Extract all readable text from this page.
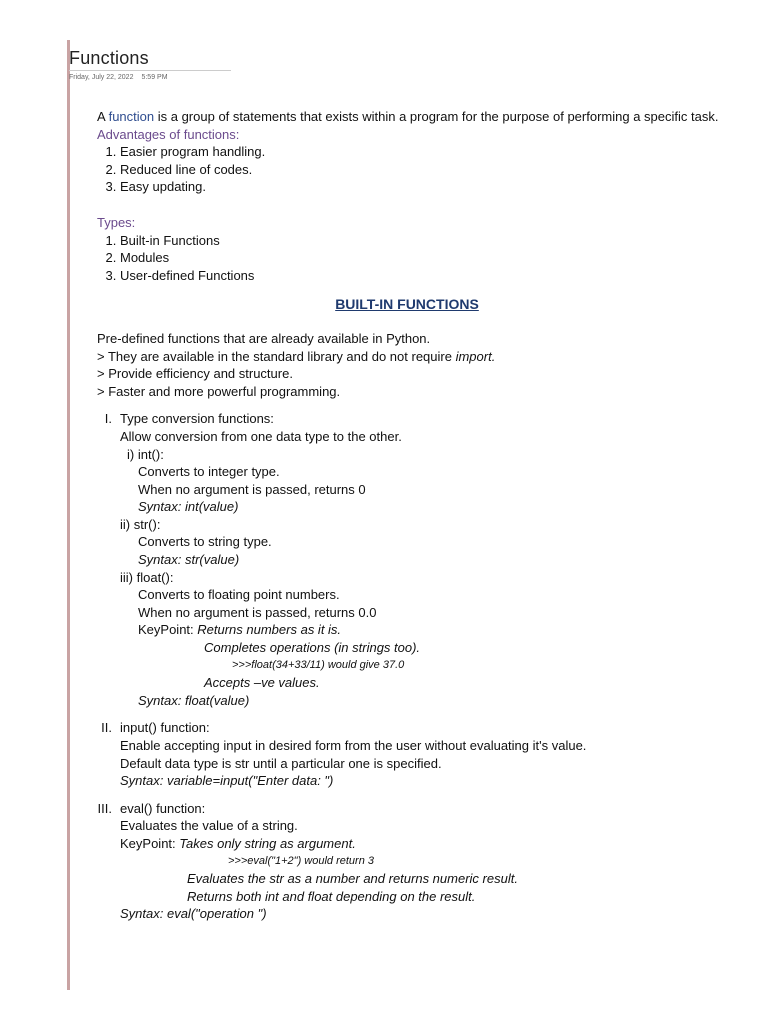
Functions
Friday, July 22, 2022 5:59 PM

A function is a group of statements that exists within a program for the purpose of performing a specific task.

Advantages of functions:

1. Easier program handling.
2. Reduced line of codes.
3. Easy updating.

Types:

1. Built-in Functions
2. Modules
3. User-defined Functions
BUILT-IN FUNCTIONS

Pre-defined functions that are already available in Python.

> They are available in the standard library and do not require import.

> Provide efficiency and structure.

> Faster and more powerful programming.

I. Type conversion functions:
Allow conversion from one data type to the other.
i) int():
Converts to integer type.
When no argument is passed, returns 0
Syntax: int(value)
ii) str():
Converts to string type.
Syntax: str(value)
iii) float():
Converts to floating point numbers.
When no argument is passed, returns 0.0
KeyPoint: Returns numbers as it is.
Completes operations (in strings too).
>>>float(34+33/11) would give 37.0
Accepts –ve values.
Syntax: float(value)
II. input() function:
Enable accepting input in desired form from the user without evaluating it's value.
Default data type is str until a particular one is specified.
Syntax: variable=input("Enter data: ")
III. eval() function:
Evaluates the value of a string.
KeyPoint: Takes only string as argument.
>>>eval("1+2") would return 3
Evaluates the str as a number and returns numeric result.
Returns both int and float depending on the result.
Syntax: eval("operation ")
